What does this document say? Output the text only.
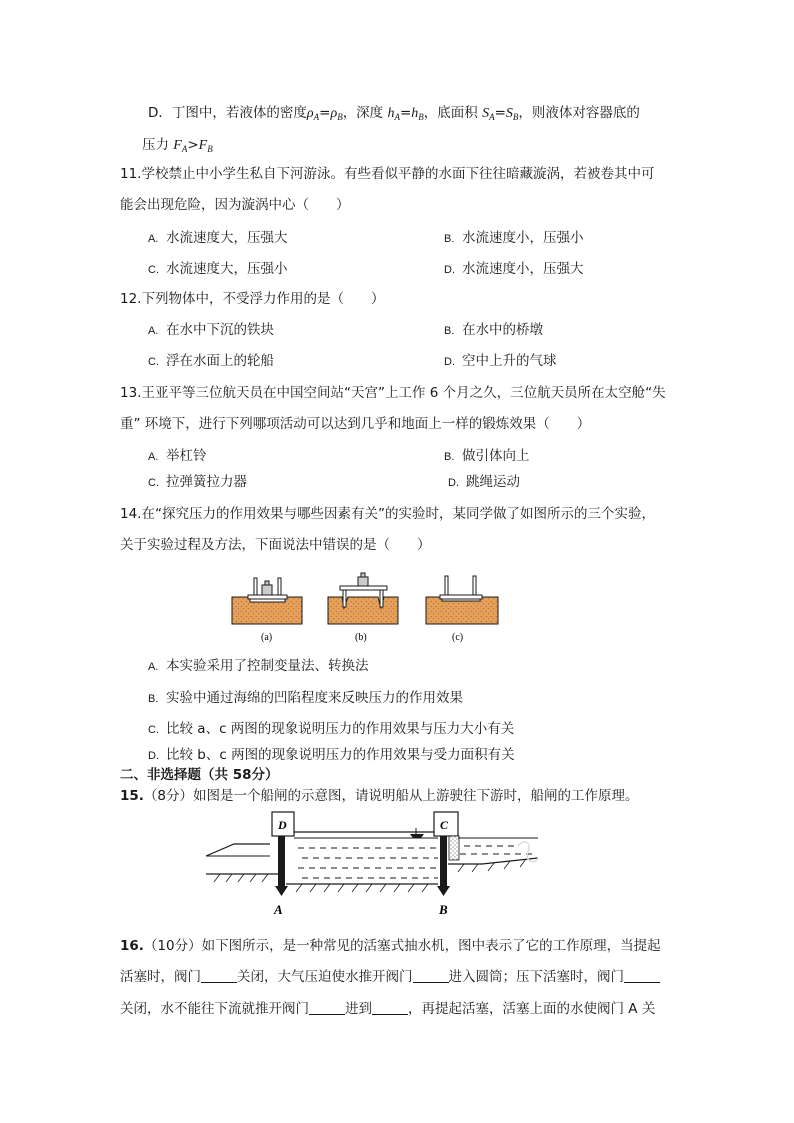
D．丁图中，若液体的密度$\rho_A=\rho_B$，深度 $h_A=h_B$，底面积 $S_A=S_B$，则液体对容器底的
压力 $F_A>F_B$
11.学校禁止中小学生私自下河游泳。有些看似平静的水面下往往暗藏漩涡，若被卷其中可
能会出现危险，因为漩涡中心（　　）
A. 水流速度大，压强大	B. 水流速度小，压强小
C. 水流速度大，压强小	D. 水流速度小，压强大
12.下列物体中，不受浮力作用的是（　　）
A. 在水中下沉的铁块	B. 在水中的桥墩
C. 浮在水面上的轮船	D. 空中上升的气球
13.王亚平等三位航天员在中国空间站“天宫”上工作 6 个月之久，三位航天员所在太空舱“失
重” 环境下，进行下列哪项活动可以达到几乎和地面上一样的锻炼效果（　　）
A. 举杠铃	B. 做引体向上
C. 拉弹簧拉力器	D. 跳绳运动
14.在“探究压力的作用效果与哪些因素有关”的实验时，某同学做了如图所示的三个实验，
关于实验过程及方法，下面说法中错误的是（　　）
(a)	(b)	(c)
A. 本实验采用了控制变量法、转换法
B. 实验中通过海绵的凹陷程度来反映压力的作用效果
C. 比较 a、c 两图的现象说明压力的作用效果与压力大小有关
D. 比较 b、c 两图的现象说明压力的作用效果与受力面积有关
二、非选择题（共 58分）
15.（8分）如图是一个船闸的示意图，请说明船从上游驶往下游时，船闸的工作原理。
D
A
C
B
16.（10分）如下图所示，是一种常见的活塞式抽水机，图中表示了它的工作原理，当提起
活塞时，阀门	关闭，大气压迫使水推开阀门	进入圆筒；压下活塞时，阀门
关闭，水不能往下流就推开阀门	进到	，再提起活塞，活塞上面的水使阀门 A 关
